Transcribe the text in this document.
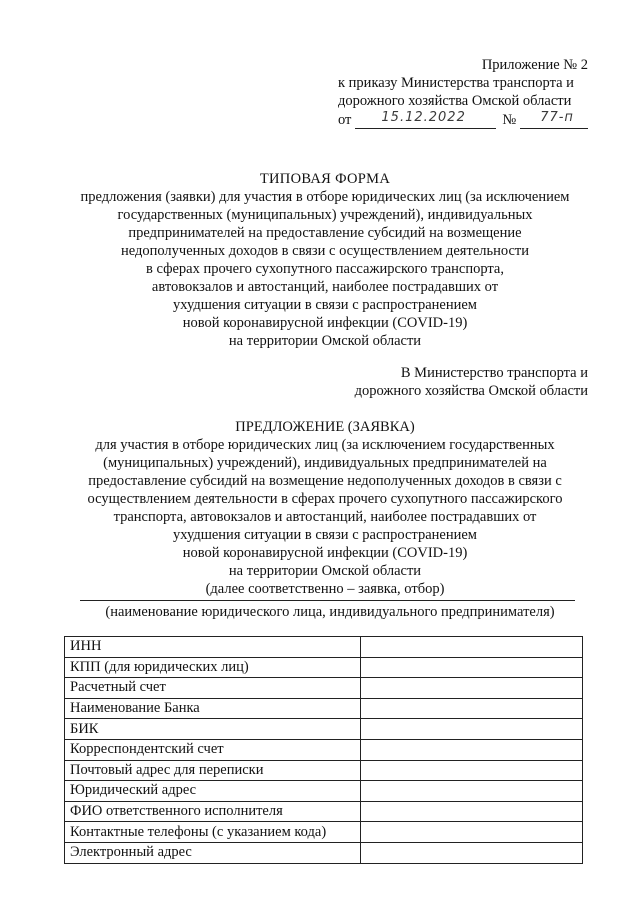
Приложение № 2
к приказу Министерства транспорта и
дорожного хозяйства Омской области
от 15.12.2022	№ 77-п
ТИПОВАЯ ФОРМА
предложения (заявки) для участия в отборе юридических лиц (за исключением
государственных (муниципальных) учреждений), индивидуальных
предпринимателей на предоставление субсидий на возмещение
недополученных доходов в связи с осуществлением деятельности
в сферах прочего сухопутного пассажирского транспорта,
автовокзалов и автостанций, наиболее пострадавших от
ухудшения ситуации в связи с распространением
новой коронавирусной инфекции (COVID-19)
на территории Омской области
В Министерство транспорта и
дорожного хозяйства Омской области
ПРЕДЛОЖЕНИЕ (ЗАЯВКА)
для участия в отборе юридических лиц (за исключением государственных
(муниципальных) учреждений), индивидуальных предпринимателей на
предоставление субсидий на возмещение недополученных доходов в связи с
осуществлением деятельности в сферах прочего сухопутного пассажирского
транспорта, автовокзалов и автостанций, наиболее пострадавших от
ухудшения ситуации в связи с распространением
новой коронавирусной инфекции (COVID-19)
на территории Омской области
(далее соответственно – заявка, отбор)
(наименование юридического лица, индивидуального предпринимателя)
ИНН	
КПП (для юридических лиц)	
Расчетный счет	
Наименование Банка	
БИК	
Корреспондентский счет	
Почтовый адрес для переписки	
Юридический адрес	
ФИО ответственного исполнителя	
Контактные телефоны (с указанием кода)	
Электронный адрес	
